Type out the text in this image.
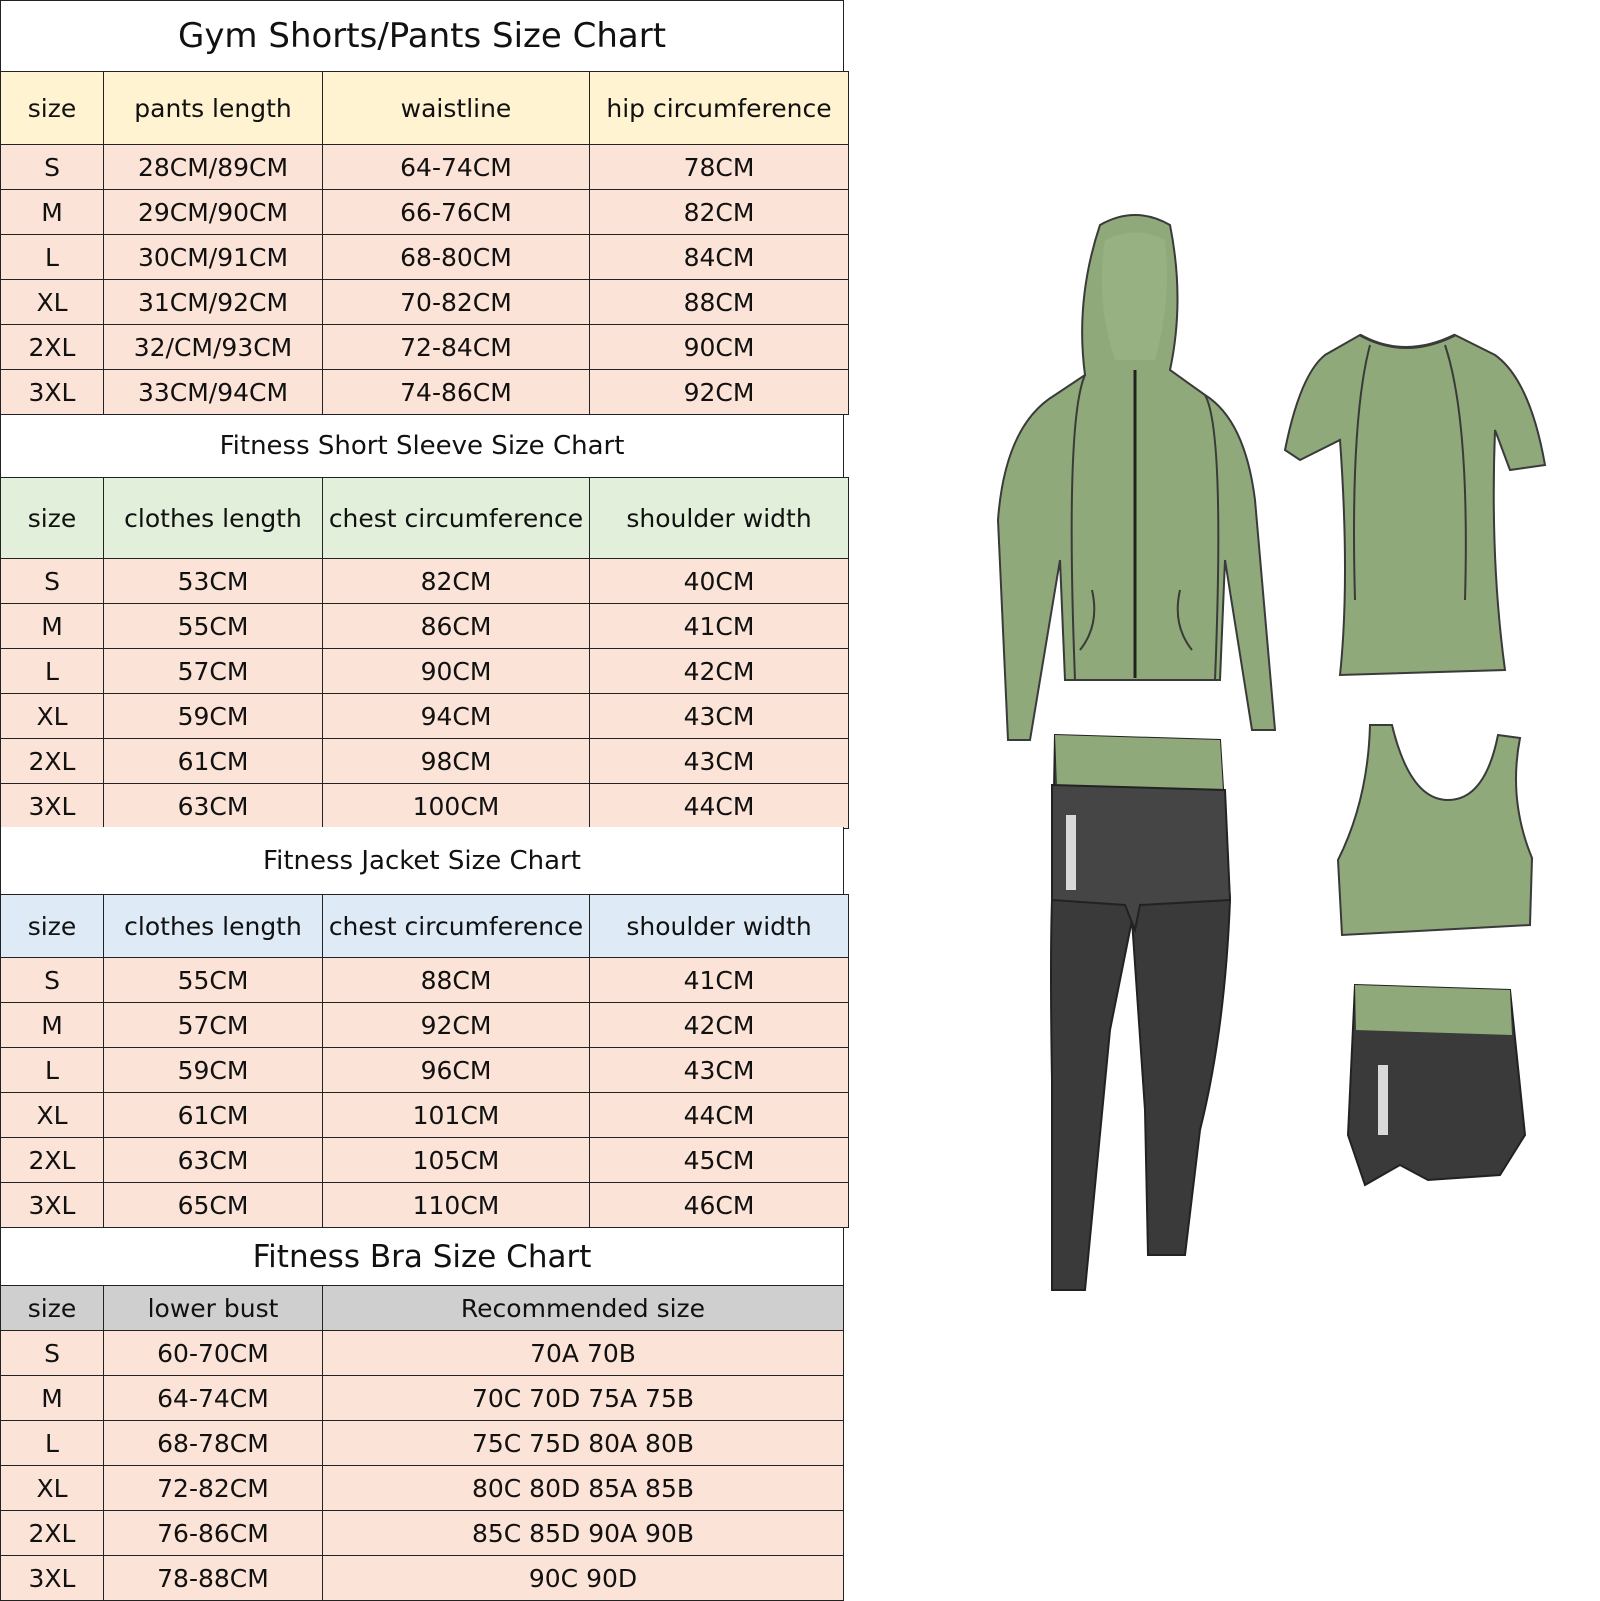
Gym Shorts/Pants Size Chart
size	pants length	waistline	hip circumference
S	28CM/89CM	64-74CM	78CM
M	29CM/90CM	66-76CM	82CM
L	30CM/91CM	68-80CM	84CM
XL	31CM/92CM	70-82CM	88CM
2XL	32/CM/93CM	72-84CM	90CM
3XL	33CM/94CM	74-86CM	92CM
Fitness Short Sleeve Size Chart
size	clothes length	chest circumference	shoulder width
S	53CM	82CM	40CM
M	55CM	86CM	41CM
L	57CM	90CM	42CM
XL	59CM	94CM	43CM
2XL	61CM	98CM	43CM
3XL	63CM	100CM	44CM
Fitness Jacket Size Chart
size	clothes length	chest circumference	shoulder width
S	55CM	88CM	41CM
M	57CM	92CM	42CM
L	59CM	96CM	43CM
XL	61CM	101CM	44CM
2XL	63CM	105CM	45CM
3XL	65CM	110CM	46CM
Fitness Bra Size Chart
size	lower bust	Recommended size
S	60-70CM	70A 70B
M	64-74CM	70C 70D 75A 75B
L	68-78CM	75C 75D 80A 80B
XL	72-82CM	80C 80D 85A 85B
2XL	76-86CM	85C 85D 90A 90B
3XL	78-88CM	90C 90D
